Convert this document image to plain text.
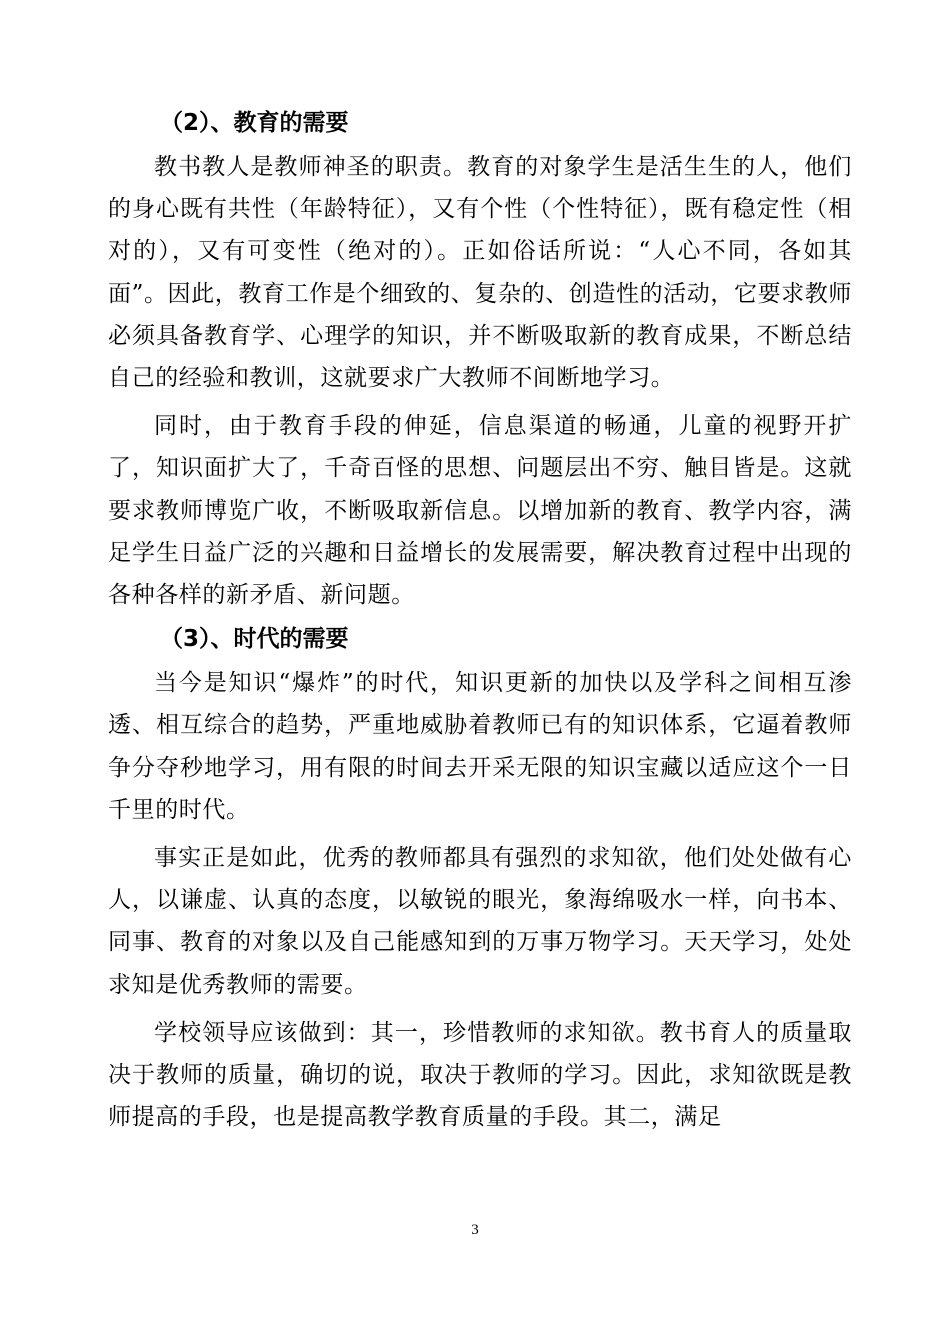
（2）、教育的需要

教书教人是教师神圣的职责。教育的对象学生是活生生的人，他们的身心既有共性（年龄特征），又有个性（个性特征），既有稳定性（相对的），又有可变性（绝对的）。正如俗话所说：“人心不同，各如其面”。因此，教育工作是个细致的、复杂的、创造性的活动，它要求教师必须具备教育学、心理学的知识，并不断吸取新的教育成果，不断总结自己的经验和教训，这就要求广大教师不间断地学习。

同时，由于教育手段的伸延，信息渠道的畅通，儿童的视野开扩了，知识面扩大了，千奇百怪的思想、问题层出不穷、触目皆是。这就要求教师博览广收，不断吸取新信息。以增加新的教育、教学内容，满足学生日益广泛的兴趣和日益增长的发展需要，解决教育过程中出现的各种各样的新矛盾、新问题。

（3）、时代的需要

当今是知识“爆炸”的时代，知识更新的加快以及学科之间相互渗透、相互综合的趋势，严重地威胁着教师已有的知识体系，它逼着教师争分夺秒地学习，用有限的时间去开采无限的知识宝藏以适应这个一日千里的时代。

事实正是如此，优秀的教师都具有强烈的求知欲，他们处处做有心人，以谦虚、认真的态度，以敏锐的眼光，象海绵吸水一样，向书本、同事、教育的对象以及自己能感知到的万事万物学习。天天学习，处处求知是优秀教师的需要。

学校领导应该做到：其一，珍惜教师的求知欲。教书育人的质量取决于教师的质量，确切的说，取决于教师的学习。因此，求知欲既是教师提高的手段，也是提高教学教育质量的手段。其二，满足

3
